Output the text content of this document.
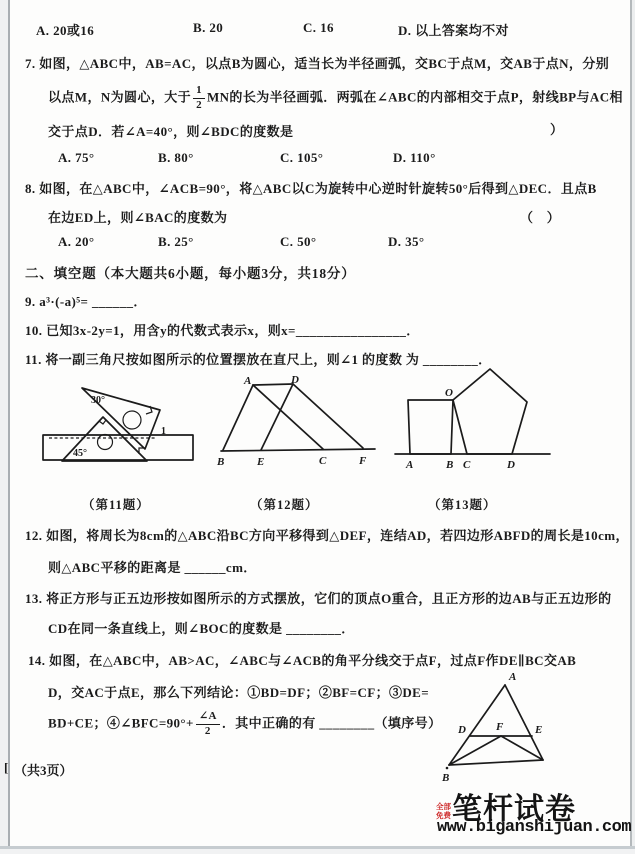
A. 20或16	B. 20	C. 16	D. 以上答案均不对
7. 如图，△ABC中，AB=AC，以点B为圆心，适当长为半径画弧，交BC于点M，交AB于点N，分别
以点M，N为圆心，大于 $\frac{1}{2}$ MN的长为半径画弧．两弧在∠ABC的内部相交于点P，射线BP与AC相
交于点D．若∠A=40°，则∠BDC的度数是	）
A. 75°	B. 80°	C. 105°	D. 110°
8. 如图，在△ABC中，∠ACB=90°，将△ABC以C为旋转中心逆时针旋转50°后得到△DEC．且点B
在边ED上，则∠BAC的度数为	（　）
A. 20°	B. 25°	C. 50°	D. 35°
二、填空题（本大题共6小题，每小题3分，共18分）
9. a³·(-a)⁵= ______．
10. 已知3x-2y=1，用含y的代数式表示x，则x=________________．
11. 将一副三角尺按如图所示的位置摆放在直尺上，则∠1 的度数 为 ________．
30°
45°
1
A	D
B	E	C	F
O
A	B C	D
（第11题）	（第12题）	（第13题）
12. 如图，将周长为8cm的△ABC沿BC方向平移得到△DEF，连结AD，若四边形ABFD的周长是10cm，
则△ABC平移的距离是 ______cm．
13. 将正方形与正五边形按如图所示的方式摆放，它们的顶点O重合，且正方形的边AB与正五边形的
CD在同一条直线上，则∠BOC的度数是 ________．
14. 如图，在△ABC中，AB>AC，∠ABC与∠ACB的角平分线交于点F，过点F作DE∥BC交AB
D，交AC于点E，那么下列结论：①BD=DF；②BF=CF；③DE=
BD+CE；④∠BFC=90°+ $\frac{\angle A}{2}$ ．其中正确的有 ________（填序号）
A
D	F	E
B
[ （共3页）
全部免费 笔杆试卷
www.biganshijuan.com
